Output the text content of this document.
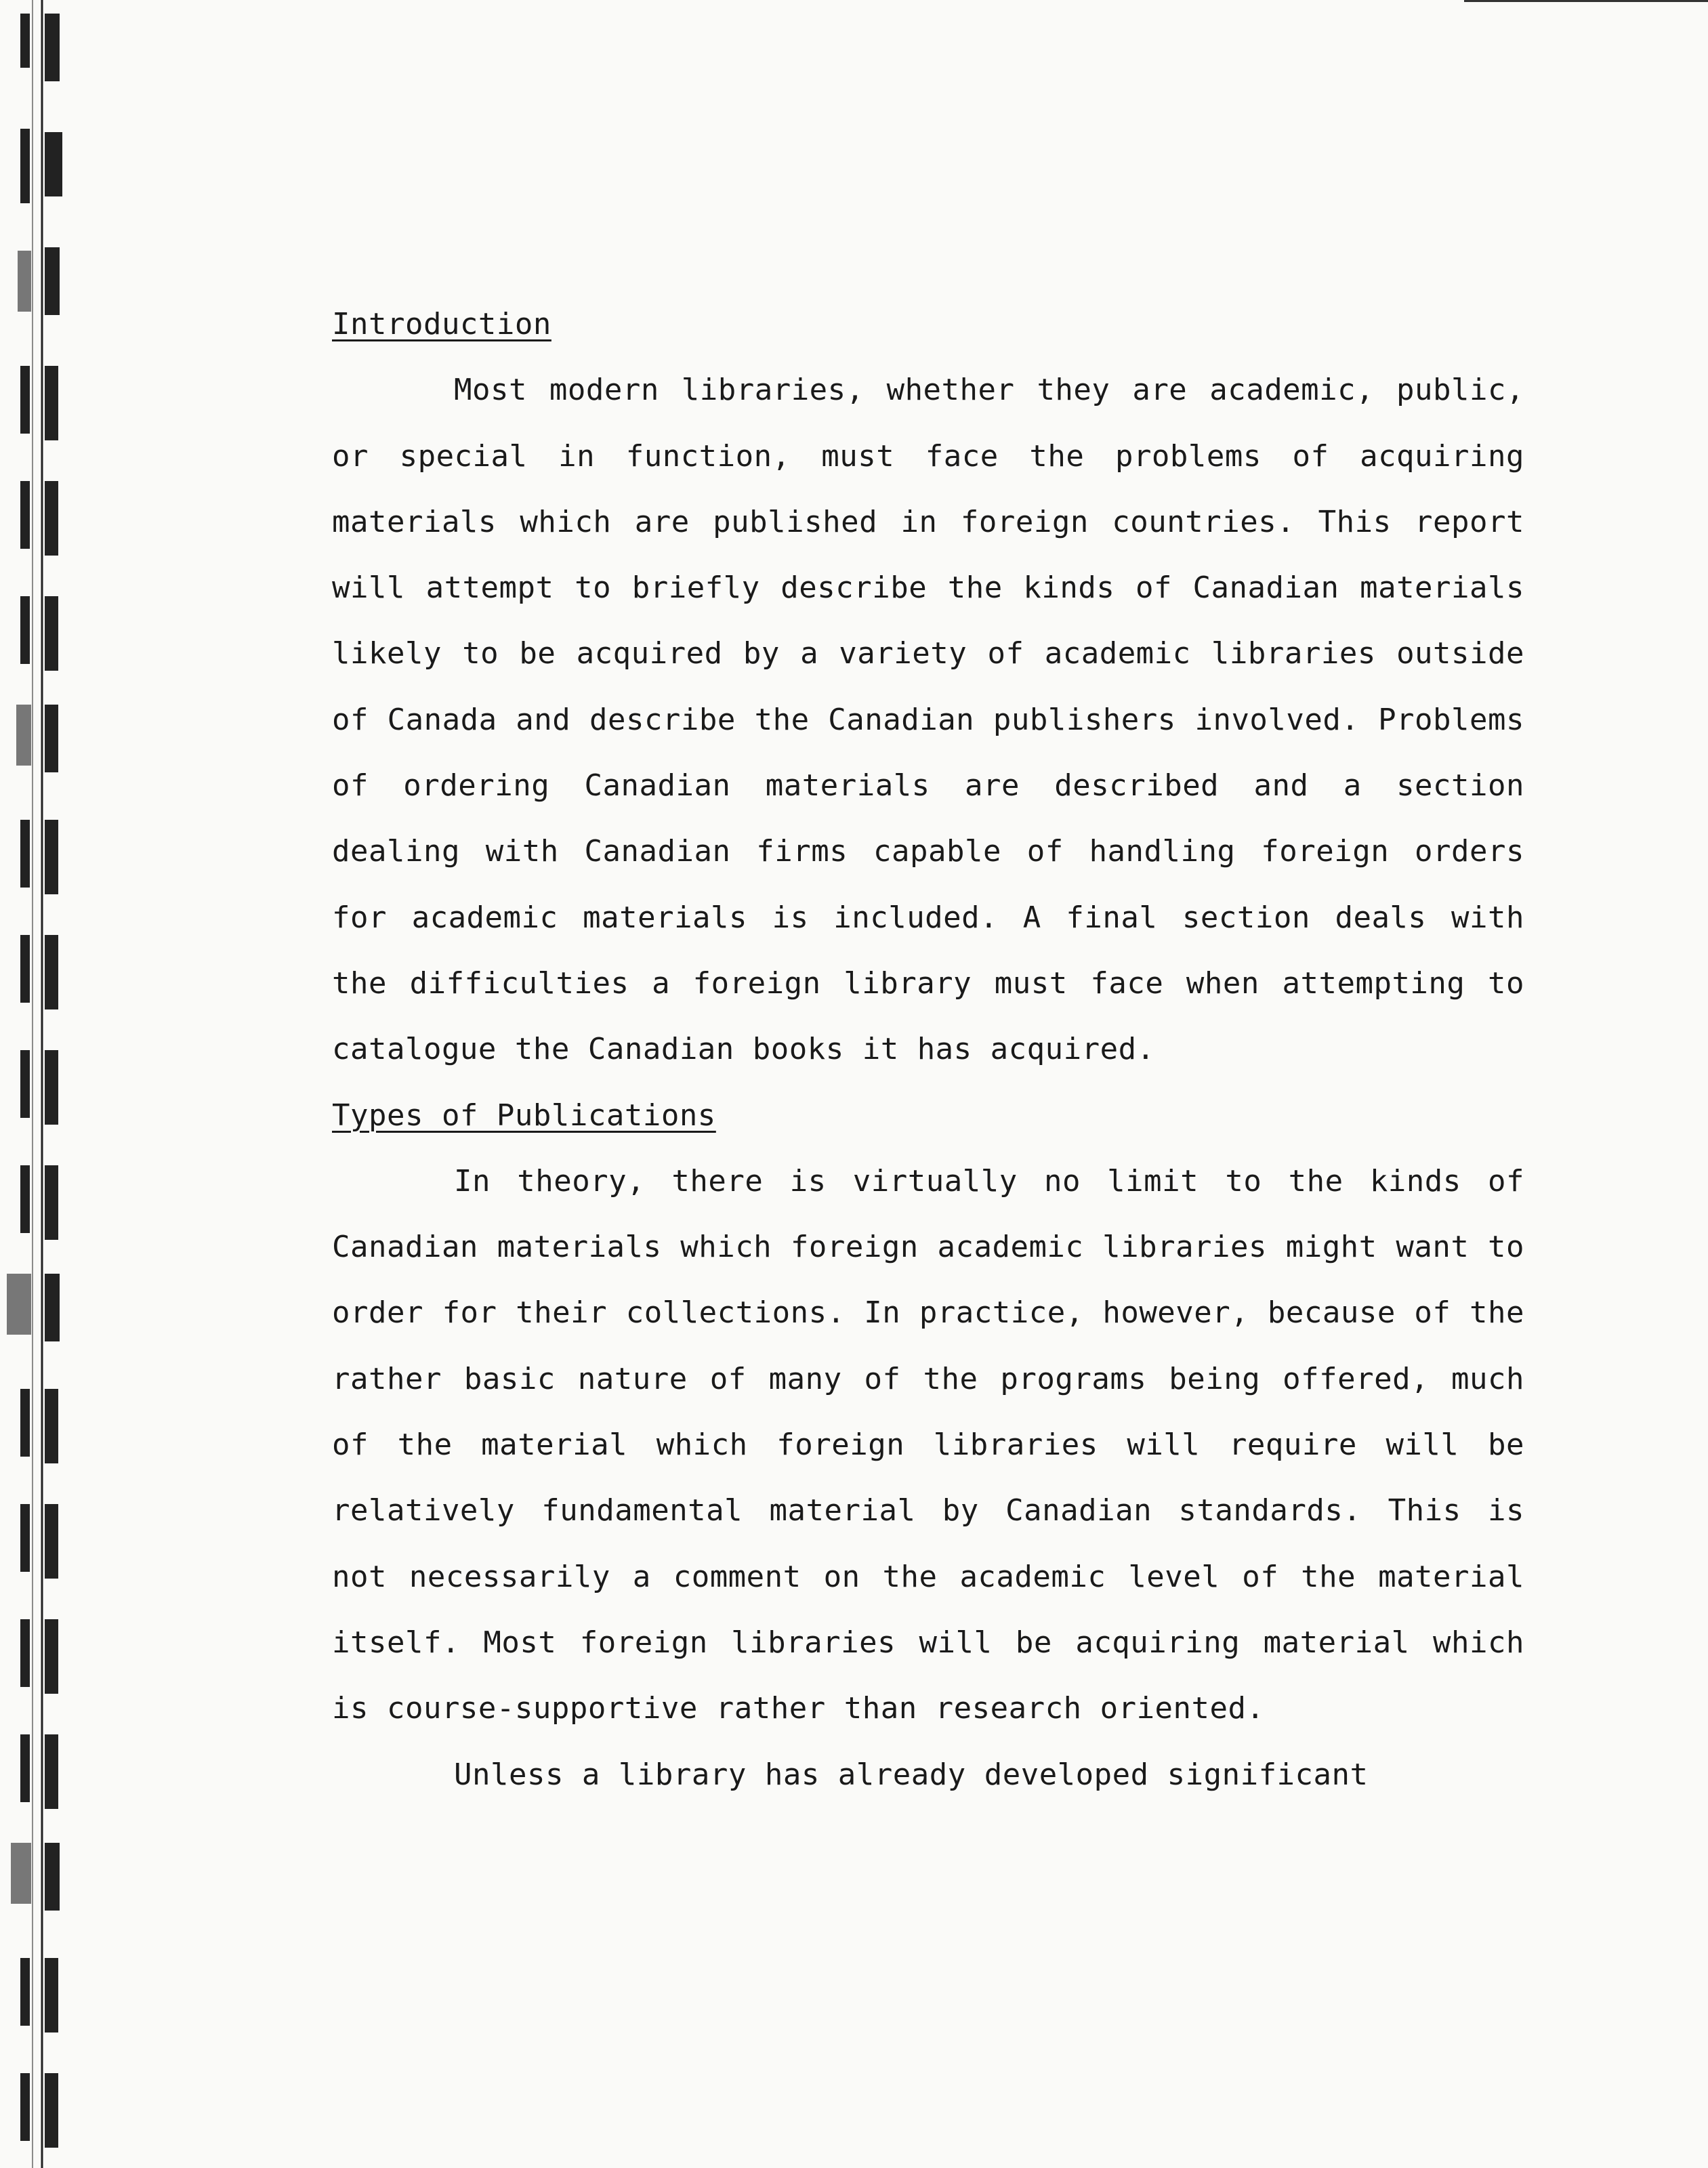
Introduction

Most modern libraries, whether they are academic, public, or special in function, must face the problems of acquiring materials which are published in foreign countries. This report will attempt to briefly describe the kinds of Canadian materials likely to be acquired by a variety of academic libraries outside of Canada and describe the Canadian publishers involved. Problems of ordering Canadian materials are described and a section dealing with Canadian firms capable of handling foreign orders for academic materials is included. A final section deals with the difficulties a foreign library must face when attempting to catalogue the Canadian books it has acquired.

Types of Publications

In theory, there is virtually no limit to the kinds of Canadian materials which foreign academic libraries might want to order for their collections. In practice, however, because of the rather basic nature of many of the programs being offered, much of the material which foreign libraries will require will be relatively fundamental material by Canadian standards. This is not necessarily a comment on the academic level of the material itself. Most foreign libraries will be acquiring material which is course-supportive rather than research oriented.

Unless a library has already developed significant
